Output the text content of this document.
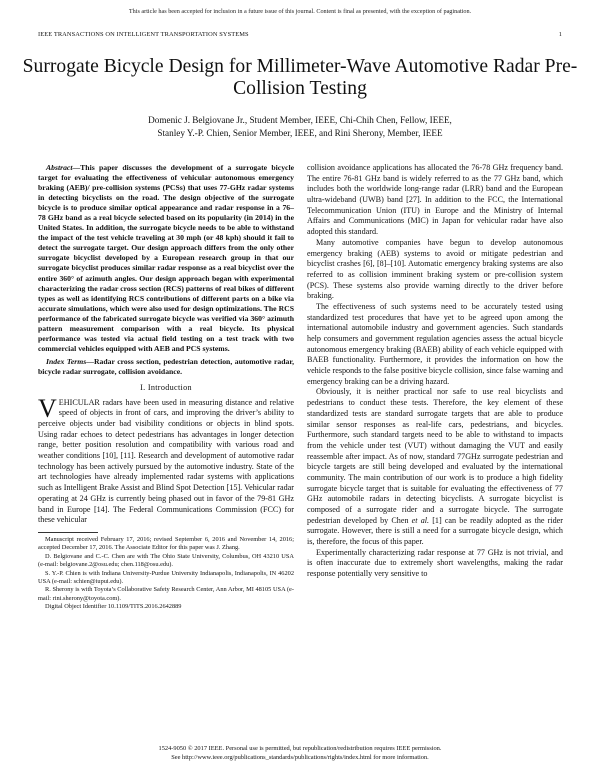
This article has been accepted for inclusion in a future issue of this journal. Content is final as presented, with the exception of pagination.
IEEE TRANSACTIONS ON INTELLIGENT TRANSPORTATION SYSTEMS	1
Surrogate Bicycle Design for Millimeter-Wave Automotive Radar Pre-Collision Testing
Domenic J. Belgiovane Jr., Student Member, IEEE, Chi-Chih Chen, Fellow, IEEE,
Stanley Y.-P. Chien, Senior Member, IEEE, and Rini Sherony, Member, IEEE

Abstract—This paper discusses the development of a surrogate bicycle target for evaluating the effectiveness of vehicular autonomous emergency braking (AEB)/ pre-collision systems (PCSs) that uses 77-GHz radar systems in detecting bicyclists on the road. The design objective of the surrogate bicycle is to produce similar optical appearance and radar response in a 76–78 GHz band as a real bicycle selected based on its popularity (in 2014) in the United States. In addition, the surrogate bicycle needs to be able to withstand the impact of the test vehicle traveling at 30 mph (or 48 kph) should it fail to detect the surrogate target. Our design approach differs from the only other surrogate bicyclist developed by a European research group in that our surrogate bicyclist produces similar radar response as a real bicyclist over the entire 360° of azimuth angles. Our design approach began with experimental characterizing the radar cross section (RCS) patterns of real bikes of different types as well as identifying RCS contributions of different parts on a bike via accurate simulations, which were also used for design optimizations. The RCS performance of the fabricated surrogate bicycle was verified via 360° azimuth pattern measurement comparison with a real bicycle. Its physical performance was tested via actual field testing on a test track with two commercial vehicles equipped with AEB and PCS systems.

Index Terms—Radar cross section, pedestrian detection, automotive radar, bicycle radar surrogate, collision avoidance.

I. Introduction

VEHICULAR radars have been used in measuring distance and relative speed of objects in front of cars, and improving the driver’s ability to perceive objects under bad visibility conditions or objects in blind spots. Using radar echoes to detect pedestrians has advantages in longer detection range, better position resolution and compatibility with various road and weather conditions [10], [11]. Research and development of automotive radar technology has been actively pursued by the automotive industry. State of the art technologies have already implemented radar systems with applications such as Intelligent Brake Assist and Blind Spot Detection [15]. Vehicular radar operating at 24 GHz is currently being phased out in favor of the 79-81 GHz band in Europe [14]. The Federal Communications Commission (FCC) for these vehicular

Manuscript received February 17, 2016; revised September 6, 2016 and November 14, 2016; accepted December 17, 2016. The Associate Editor for this paper was J. Zhang.

D. Belgiovane and C.-C. Chen are with The Ohio State University, Columbus, OH 43210 USA (e-mail: belgiovane.2@osu.edu; chen.118@osu.edu).

S. Y.-P. Chien is with Indiana University-Purdue University Indianapolis, Indianapolis, IN 46202 USA (e-mail: schien@iupui.edu).

R. Sherony is with Toyota’s Collaborative Safety Research Center, Ann Arbor, MI 48105 USA (e-mail: rini.sherony@toyota.com).

Digital Object Identifier 10.1109/TITS.2016.2642889

collision avoidance applications has allocated the 76-78 GHz frequency band. The entire 76-81 GHz band is widely referred to as the 77 GHz band, which includes both the worldwide long-range radar (LRR) band and the European ultra-wideband (UWB) band [27]. In addition to the FCC, the International Telecommunication Union (ITU) in Europe and the Ministry of Internal Affairs and Communications (MIC) in Japan for vehicular radar have also adopted this standard.

Many automotive companies have begun to develop autonomous emergency braking (AEB) systems to avoid or mitigate pedestrian and bicyclist crashes [6], [8]–[10]. Automatic emergency braking systems are also referred to as collision imminent braking system or pre-collision system (PCS). These systems also provide warning directly to the driver before braking.

The effectiveness of such systems need to be accurately tested using standardized test procedures that have yet to be agreed upon among the international automobile industry and government agencies. Such standards help consumers and government regulation agencies assess the actual bicycle autonomous emergency braking (BAEB) ability of each vehicle equipped with BAEB functionality. Furthermore, it provides the information on how the vehicle responds to the false positive bicycle collision, since false warning and emergency braking can be a driving hazard.

Obviously, it is neither practical nor safe to use real bicyclists and pedestrians to conduct these tests. Therefore, the key element of these standardized tests are standard surrogate targets that are able to produce similar sensor responses as real-life cars, pedestrians, and bicycles. Furthermore, such standard targets need to be able to withstand to impacts from the vehicle under test (VUT) without damaging the VUT and easily reassemble after impact. As of now, standard 77GHz surrogate pedestrian and bicycle targets are still being developed and evaluated by the international community. The main contribution of our work is to produce a high fidelity surrogate bicycle target that is suitable for evaluating the effectiveness of 77 GHz automobile radars in detecting bicyclists. A surrogate bicyclist is composed of a surrogate rider and a surrogate bicycle. The surrogate pedestrian developed by Chen et al. [1] can be readily adopted as the rider surrogate. However, there is still a need for a surrogate bicycle design, which is, therefore, the focus of this paper.

Experimentally characterizing radar response at 77 GHz is not trivial, and is often inaccurate due to extremely short wavelengths, making the radar response potentially very sensitive to

1524-9050 © 2017 IEEE. Personal use is permitted, but republication/redistribution requires IEEE permission.
See http://www.ieee.org/publications_standards/publications/rights/index.html for more information.
